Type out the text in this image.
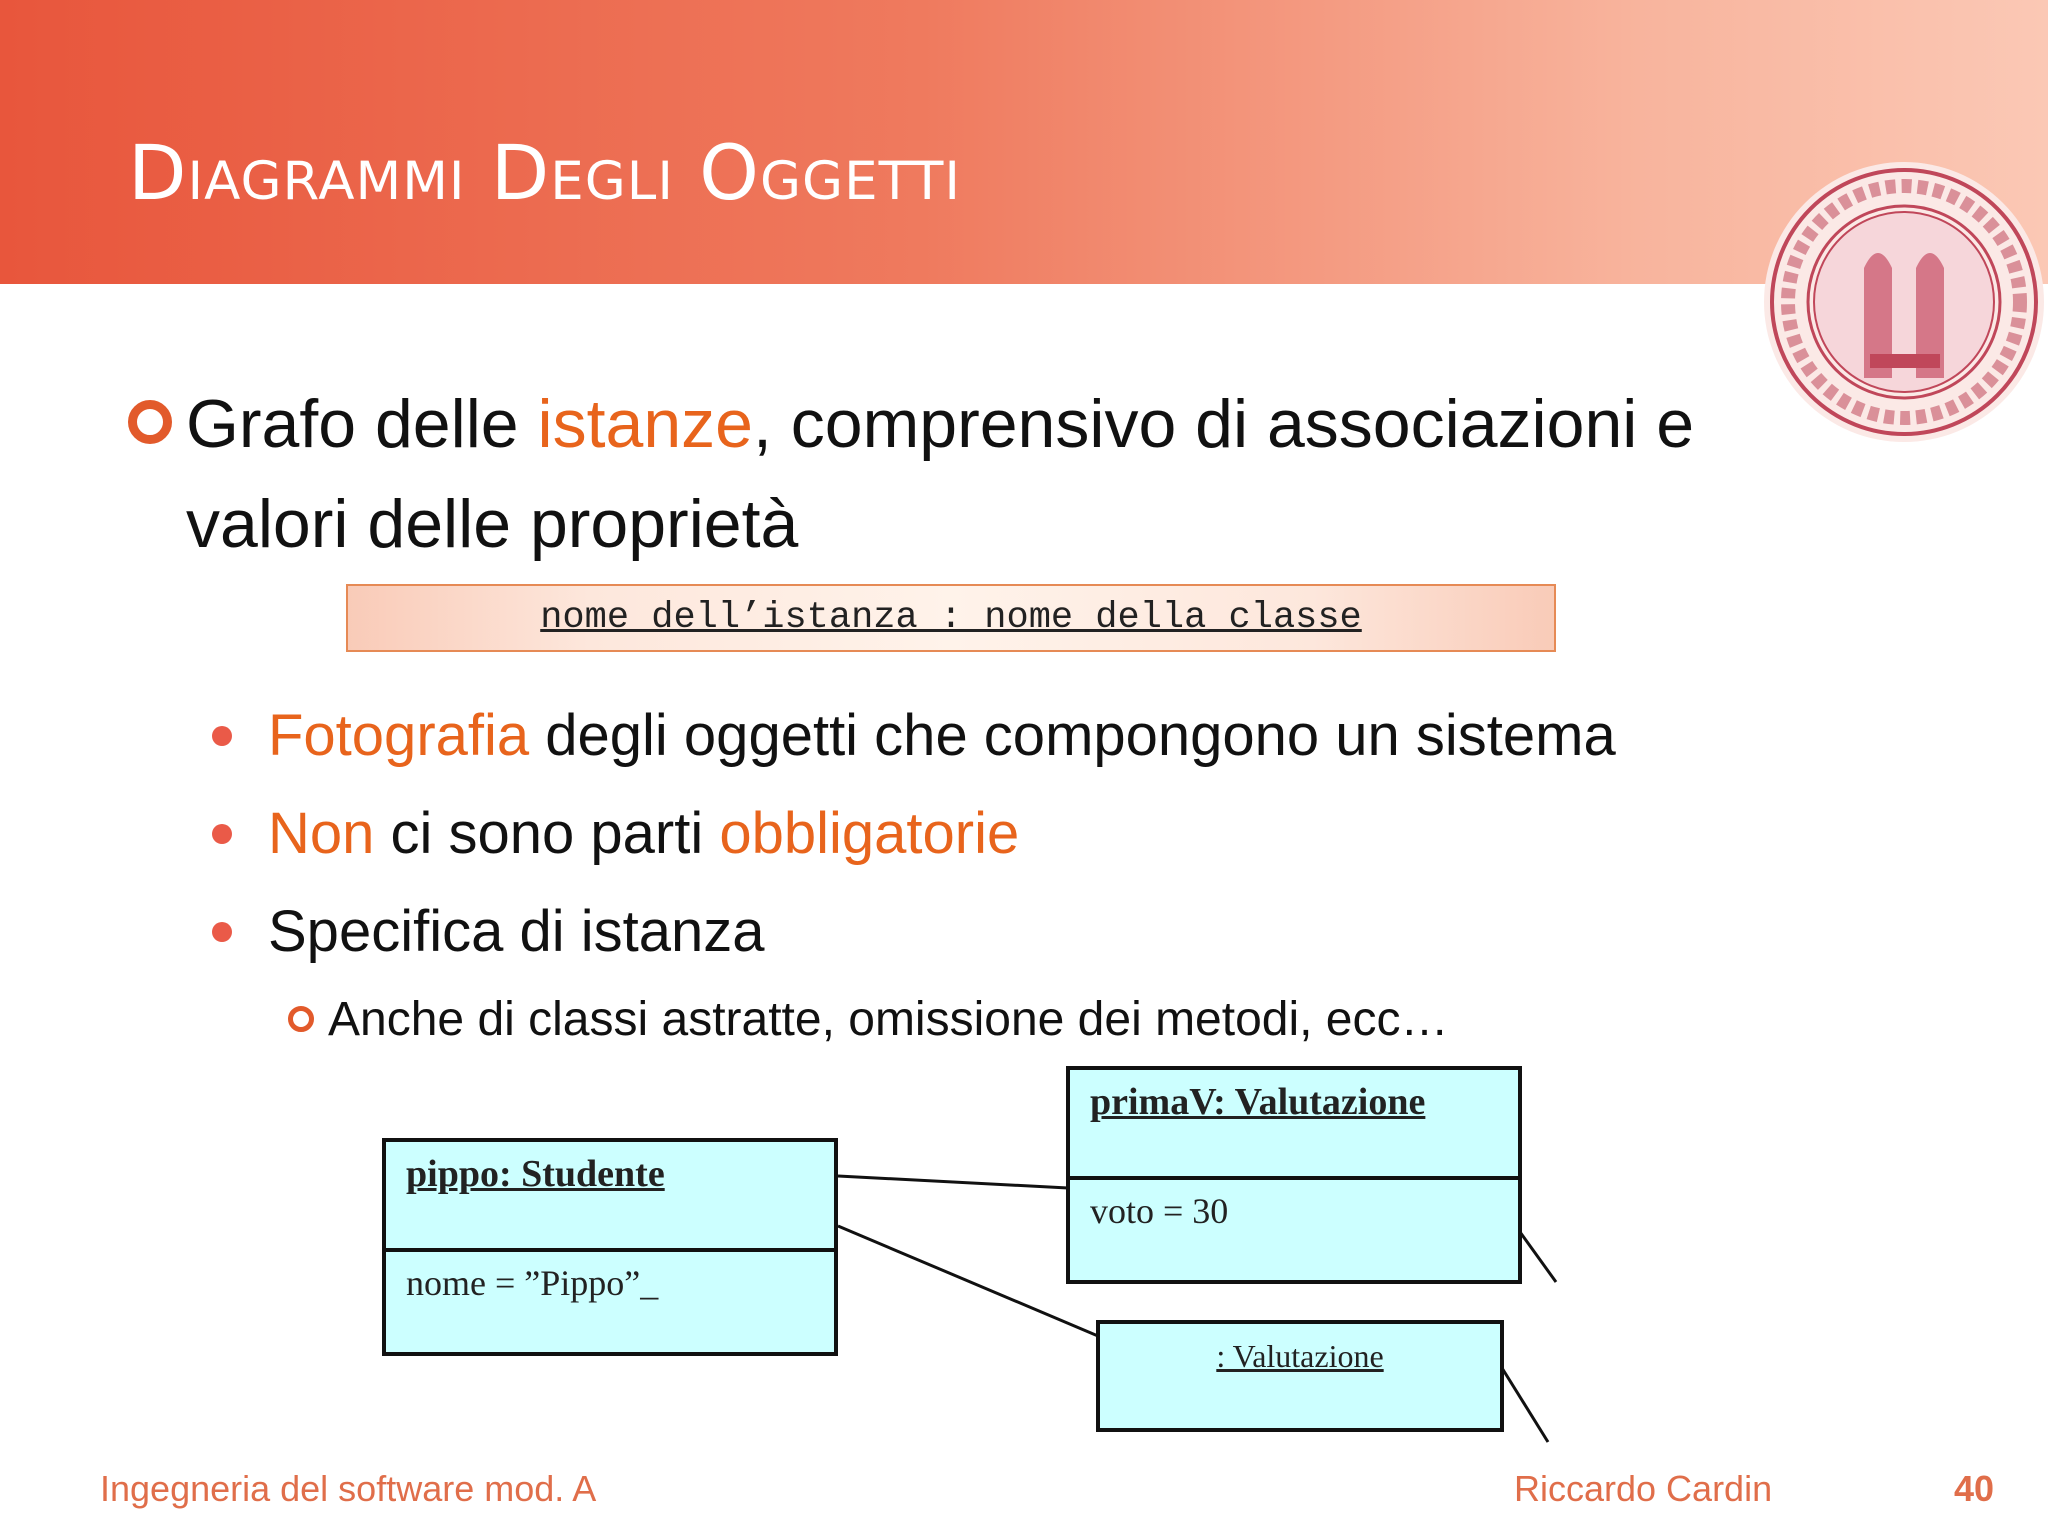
Diagrammi Degli Oggetti
Grafo delle istanze, comprensivo di associazioni e valori delle proprietà
nome dell’istanza : nome della classe
Fotografia degli oggetti che compongono un sistema
Non ci sono parti obbligatorie
Specifica di istanza
Anche di classi astratte, omissione dei metodi, ecc…
pippo: Studente
nome = ”Pippo”_
primaV: Valutazione
voto = 30
: Valutazione
Ingegneria del software mod. A	Riccardo Cardin	40
